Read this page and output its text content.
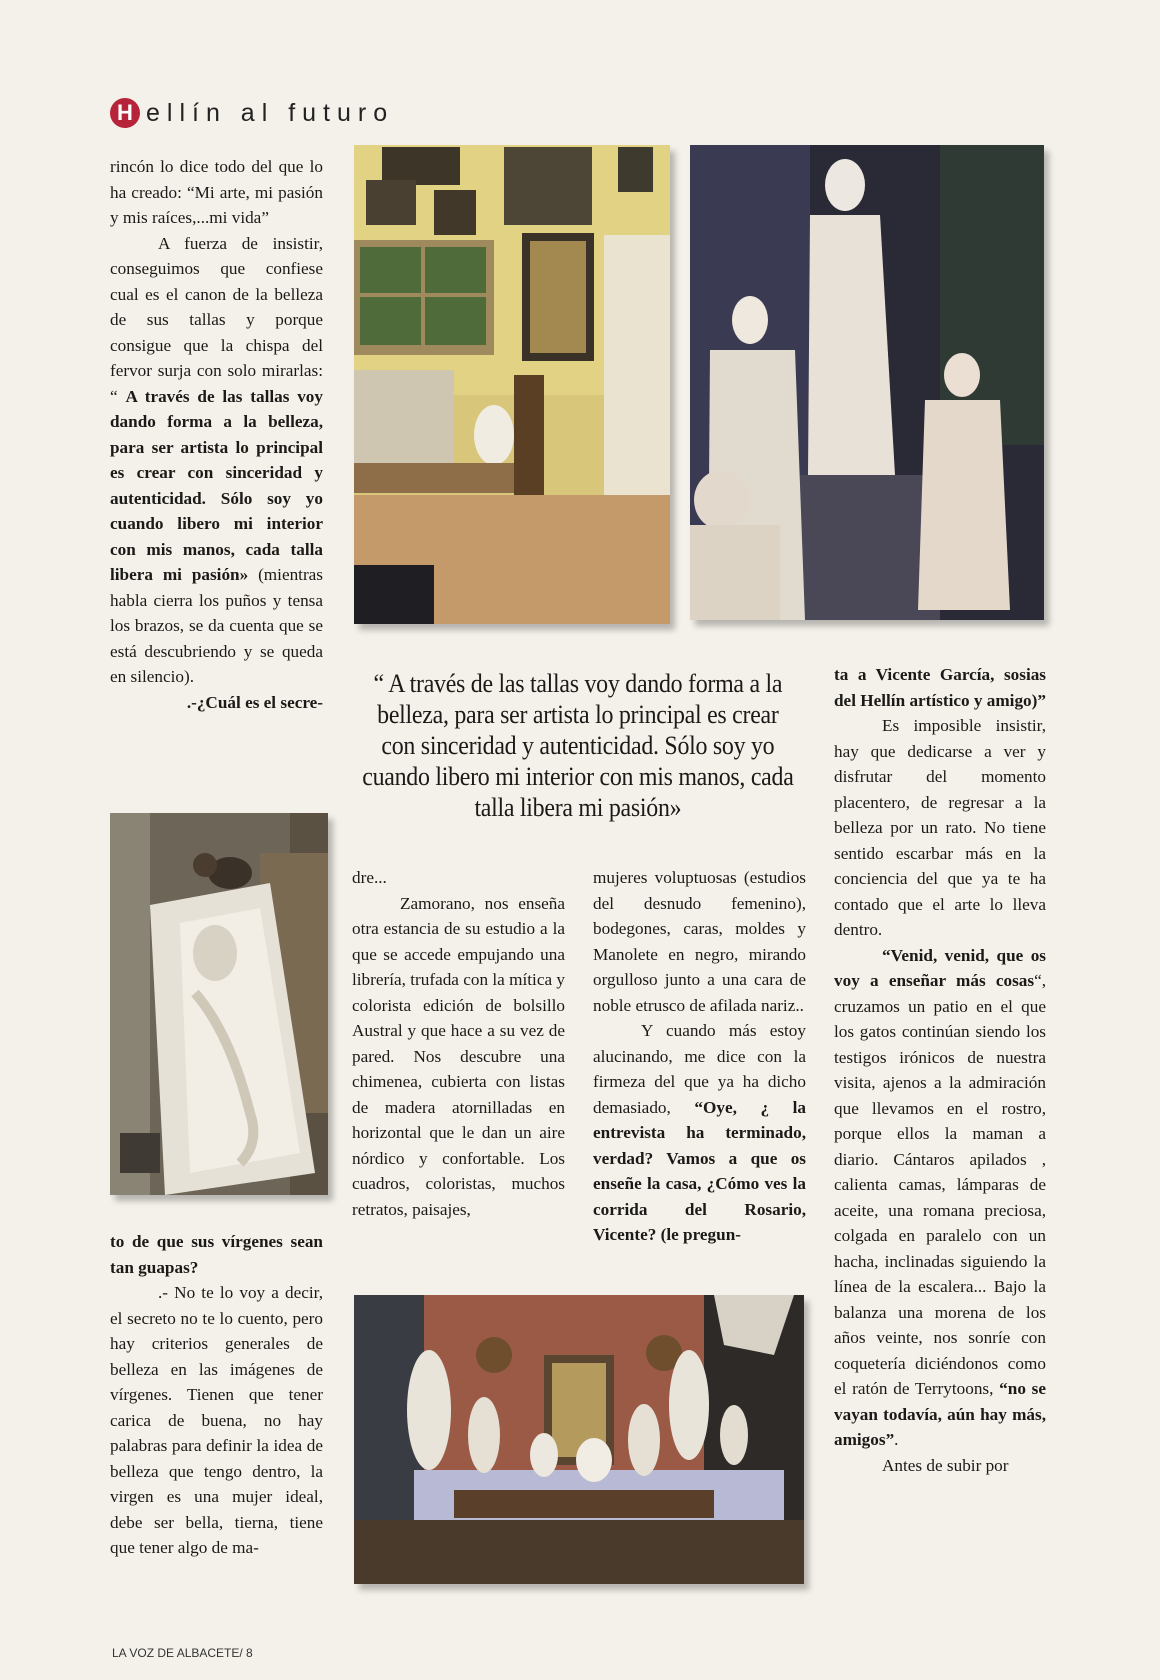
H ellín al futuro

rincón lo dice todo del que lo ha creado: “Mi arte, mi pasión y mis raíces,...mi vida”

A fuerza de insistir, conseguimos que confiese cual es el canon de la belleza de sus tallas y porque consigue que la chispa del fervor surja con solo mirarlas: “ A través de las tallas voy dando forma a la belleza, para ser artista lo principal es crear con sinceridad y autenticidad. Sólo soy yo cuando libero mi interior con mis manos, cada talla libera mi pasión» (mientras habla cierra los puños y tensa los brazos, se da cuenta que se está descubriendo y se queda en silencio).

.-¿Cuál es el secre-

to de que sus vírgenes sean tan guapas?

.- No te lo voy a decir, el secreto no te lo cuento, pero hay criterios generales de belleza en las imágenes de vírgenes. Tienen que tener carica de buena, no hay palabras para definir la idea de belleza que tengo dentro, la virgen es una mujer ideal, debe ser bella, tierna, tiene que tener algo de ma-

“ A través de las tallas voy dando forma a la belleza, para ser artista lo principal es crear con sinceridad y autenticidad. Sólo soy yo cuando libero mi interior con mis manos, cada talla libera mi pasión»

dre...

Zamorano, nos enseña otra estancia de su estudio a la que se accede empujando una librería, trufada con la mítica y colorista edición de bolsillo Austral y que hace a su vez de pared. Nos descubre una chimenea, cubierta con listas de madera atornilladas en horizontal que le dan un aire nórdico y confortable. Los cuadros, coloristas, muchos retratos, paisajes,

mujeres voluptuosas (estudios del desnudo femenino), bodegones, caras, moldes y Manolete en negro, mirando orgulloso junto a una cara de noble etrusco de afilada nariz..

Y cuando más estoy alucinando, me dice con la firmeza del que ya ha dicho demasiado, “Oye, ¿ la entrevista ha terminado, verdad? Vamos a que os enseñe la casa, ¿Cómo ves la corrida del Rosario, Vicente? (le pregun-

ta a Vicente García, sosias del Hellín artístico y amigo)”

Es imposible insistir, hay que dedicarse a ver y disfrutar del momento placentero, de regresar a la belleza por un rato. No tiene sentido escarbar más en la conciencia del que ya te ha contado que el arte lo lleva dentro.

“Venid, venid, que os voy a enseñar más cosas“, cruzamos un patio en el que los gatos continúan siendo los testigos irónicos de nuestra visita, ajenos a la admiración que llevamos en el rostro, porque ellos la maman a diario. Cántaros apilados , calienta camas, lámparas de aceite, una romana preciosa, colgada en paralelo con un hacha, inclinadas siguiendo la línea de la escalera... Bajo la balanza una morena de los años veinte, nos sonríe con coquetería diciéndonos como el ratón de Terrytoons, “no se vayan todavía, aún hay más, amigos”.

Antes de subir por

LA VOZ DE ALBACETE/ 8
